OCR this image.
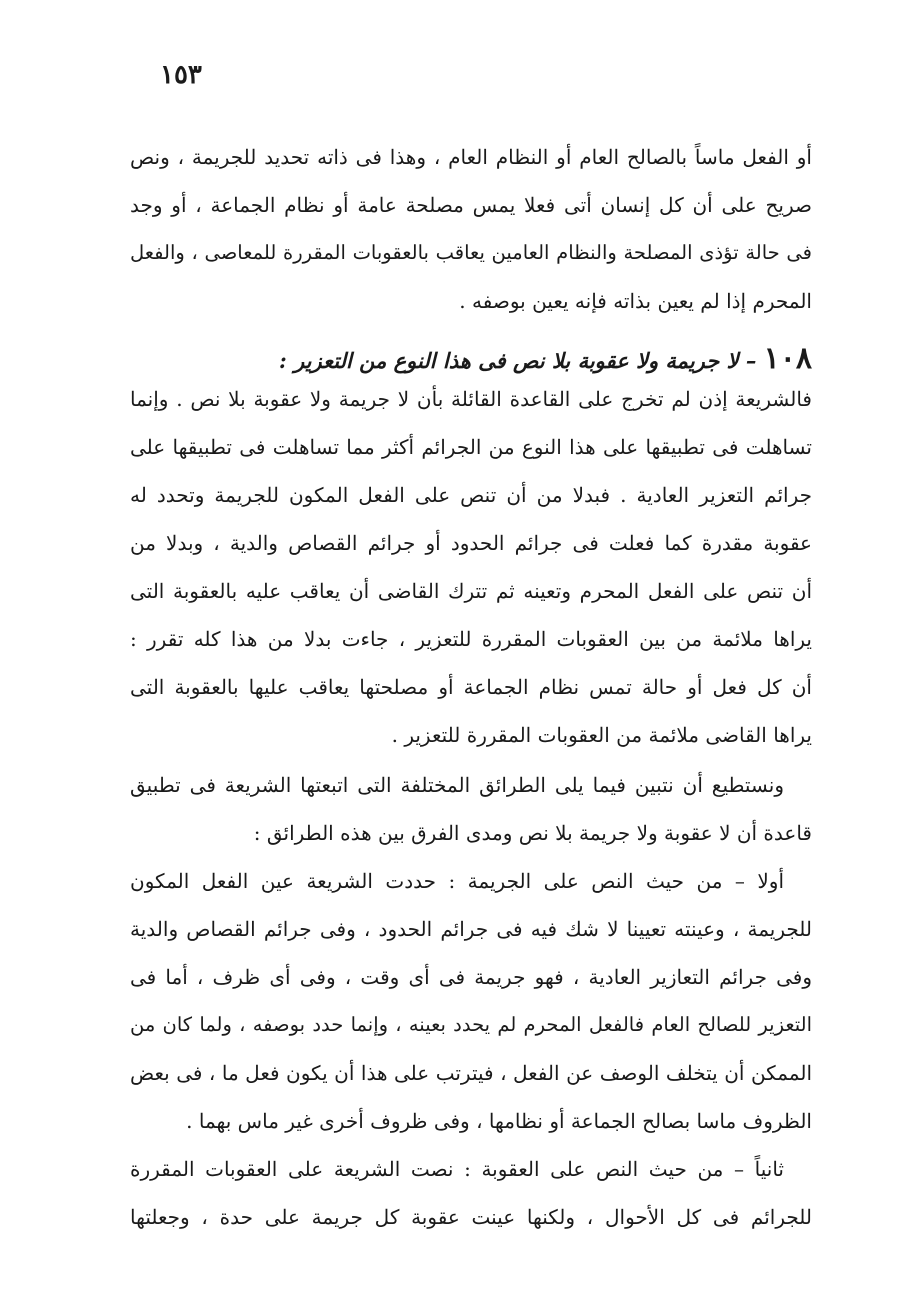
١٥٣
أو الفعل ماساً بالصالح العام أو النظام العام ، وهذا فى ذاته تحديد للجريمة ، ونص
صريح على أن كل إنسان أتى فعلا يمس مصلحة عامة أو نظام الجماعة ، أو وجد
فى حالة تؤذى المصلحة والنظام العامين يعاقب بالعقوبات المقررة للمعاصى ، والفعل
المحرم إذا لم يعين بذاته فإنه يعين بوصفه .
١٠٨ – لا جريمة ولا عقوبة بلا نص فى هذا النوع من التعزير :
فالشريعة إذن لم تخرج على القاعدة القائلة بأن لا جريمة ولا عقوبة بلا نص . وإنما
تساهلت فى تطبيقها على هذا النوع من الجرائم أكثر مما تساهلت فى تطبيقها على
جرائم التعزير العادية . فبدلا من أن تنص على الفعل المكون للجريمة وتحدد له
عقوبة مقدرة كما فعلت فى جرائم الحدود أو جرائم القصاص والدية ، وبدلا من
أن تنص على الفعل المحرم وتعينه ثم تترك القاضى أن يعاقب عليه بالعقوبة التى
يراها ملائمة من بين العقوبات المقررة للتعزير ، جاءت بدلا من هذا كله تقرر :
أن كل فعل أو حالة تمس نظام الجماعة أو مصلحتها يعاقب عليها بالعقوبة التى
يراها القاضى ملائمة من العقوبات المقررة للتعزير .
ونستطيع أن نتبين فيما يلى الطرائق المختلفة التى اتبعتها الشريعة فى تطبيق
قاعدة أن لا عقوبة ولا جريمة بلا نص ومدى الفرق بين هذه الطرائق :
أولا – من حيث النص على الجريمة : حددت الشريعة عين الفعل المكون
للجريمة ، وعينته تعيينا لا شك فيه فى جرائم الحدود ، وفى جرائم القصاص والدية
وفى جرائم التعازير العادية ، فهو جريمة فى أى وقت ، وفى أى ظرف ، أما فى
التعزير للصالح العام فالفعل المحرم لم يحدد بعينه ، وإنما حدد بوصفه ، ولما كان من
الممكن أن يتخلف الوصف عن الفعل ، فيترتب على هذا أن يكون فعل ما ، فى بعض
الظروف ماسا بصالح الجماعة أو نظامها ، وفى ظروف أخرى غير ماس بهما .
ثانياً – من حيث النص على العقوبة : نصت الشريعة على العقوبات المقررة
للجرائم فى كل الأحوال ، ولكنها عينت عقوبة كل جريمة على حدة ، وجعلتها
